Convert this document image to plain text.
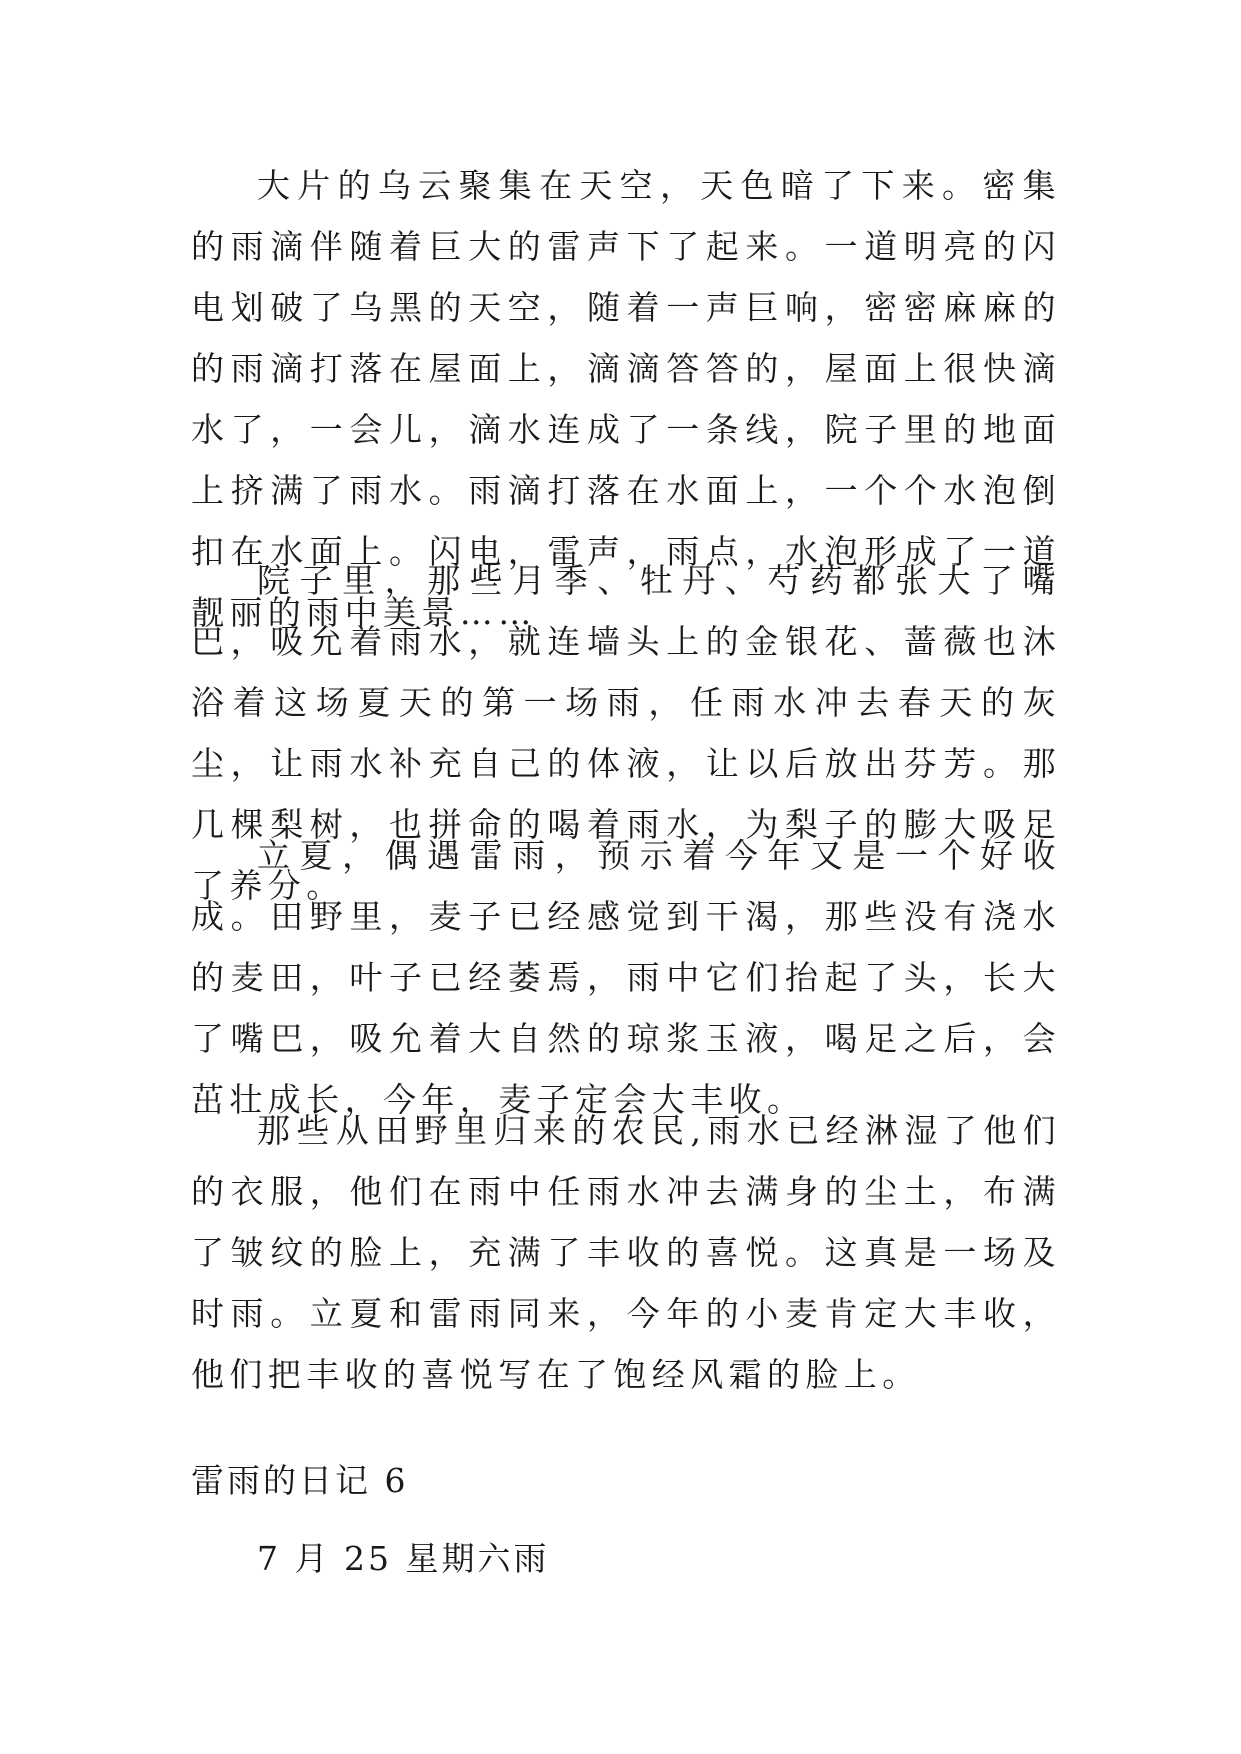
大片的乌云聚集在天空，天色暗了下来。密集的雨滴伴随着巨大的雷声下了起来。一道明亮的闪电划破了乌黑的天空，随着一声巨响，密密麻麻的的雨滴打落在屋面上，滴滴答答的，屋面上很快滴水了，一会儿，滴水连成了一条线，院子里的地面上挤满了雨水。雨滴打落在水面上，一个个水泡倒扣在水面上。闪电，雷声，雨点，水泡形成了一道靓丽的雨中美景……

院子里，那些月季、牡丹、芍药都张大了嘴巴，吸允着雨水，就连墙头上的金银花、蔷薇也沐浴着这场夏天的第一场雨，任雨水冲去春天的灰尘，让雨水补充自己的体液，让以后放出芬芳。那几棵梨树，也拼命的喝着雨水，为梨子的膨大吸足了养分。

立夏，偶遇雷雨，预示着今年又是一个好收成。田野里，麦子已经感觉到干渴，那些没有浇水的麦田，叶子已经萎焉，雨中它们抬起了头，长大了嘴巴，吸允着大自然的琼浆玉液，喝足之后，会茁壮成长，今年，麦子定会大丰收。

那些从田野里归来的农民,雨水已经淋湿了他们的衣服，他们在雨中任雨水冲去满身的尘土，布满了皱纹的脸上，充满了丰收的喜悦。这真是一场及时雨。立夏和雷雨同来，今年的小麦肯定大丰收，他们把丰收的喜悦写在了饱经风霜的脸上。

雷雨的日记 6

7 月 25 星期六雨
